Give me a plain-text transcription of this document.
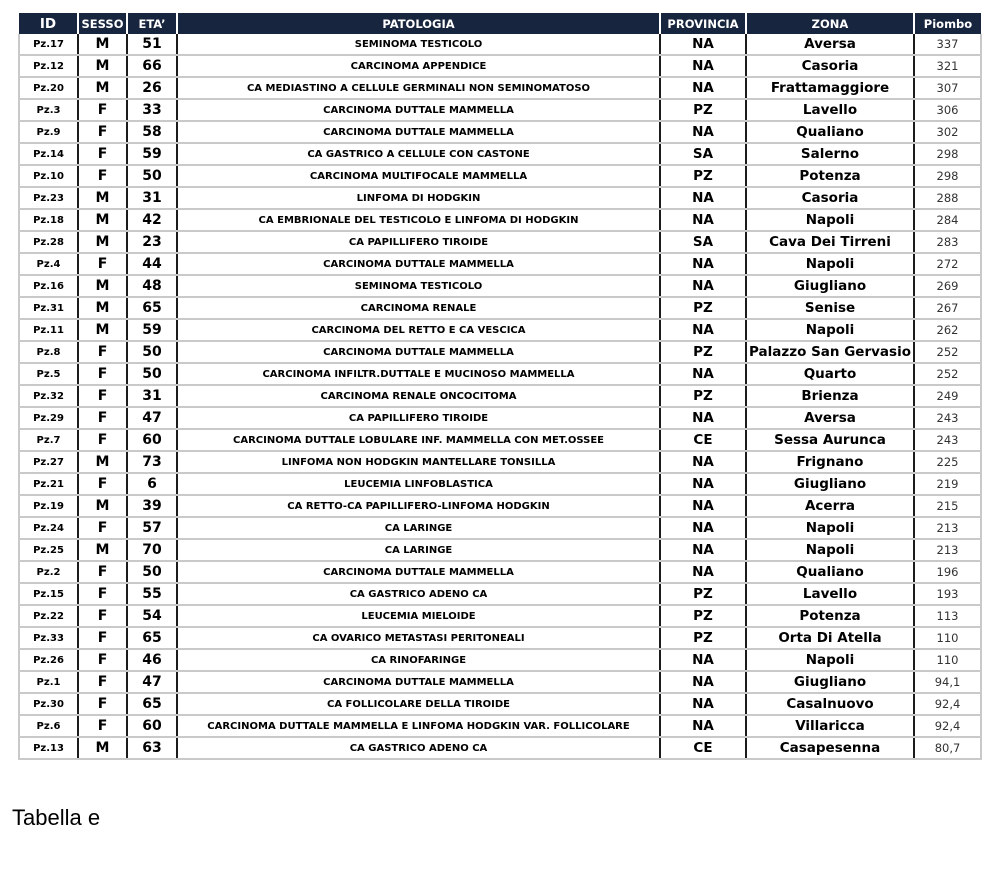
ID	SESSO	ETA’	PATOLOGIA	PROVINCIA	ZONA	Piombo
Pz.17	M	51	SEMINOMA TESTICOLO	NA	Aversa	337
Pz.12	M	66	CARCINOMA APPENDICE	NA	Casoria	321
Pz.20	M	26	CA MEDIASTINO A CELLULE GERMINALI NON SEMINOMATOSO	NA	Frattamaggiore	307
Pz.3	F	33	CARCINOMA DUTTALE MAMMELLA	PZ	Lavello	306
Pz.9	F	58	CARCINOMA DUTTALE MAMMELLA	NA	Qualiano	302
Pz.14	F	59	CA GASTRICO A CELLULE CON CASTONE	SA	Salerno	298
Pz.10	F	50	CARCINOMA MULTIFOCALE MAMMELLA	PZ	Potenza	298
Pz.23	M	31	LINFOMA DI HODGKIN	NA	Casoria	288
Pz.18	M	42	CA EMBRIONALE DEL TESTICOLO E LINFOMA DI HODGKIN	NA	Napoli	284
Pz.28	M	23	CA PAPILLIFERO TIROIDE	SA	Cava Dei Tirreni	283
Pz.4	F	44	CARCINOMA DUTTALE MAMMELLA	NA	Napoli	272
Pz.16	M	48	SEMINOMA TESTICOLO	NA	Giugliano	269
Pz.31	M	65	CARCINOMA RENALE	PZ	Senise	267
Pz.11	M	59	CARCINOMA DEL RETTO E CA VESCICA	NA	Napoli	262
Pz.8	F	50	CARCINOMA DUTTALE MAMMELLA	PZ	Palazzo San Gervasio	252
Pz.5	F	50	CARCINOMA INFILTR.DUTTALE E MUCINOSO MAMMELLA	NA	Quarto	252
Pz.32	F	31	CARCINOMA RENALE ONCOCITOMA	PZ	Brienza	249
Pz.29	F	47	CA PAPILLIFERO TIROIDE	NA	Aversa	243
Pz.7	F	60	CARCINOMA DUTTALE LOBULARE INF. MAMMELLA CON MET.OSSEE	CE	Sessa Aurunca	243
Pz.27	M	73	LINFOMA NON HODGKIN MANTELLARE TONSILLA	NA	Frignano	225
Pz.21	F	6	LEUCEMIA LINFOBLASTICA	NA	Giugliano	219
Pz.19	M	39	CA RETTO-CA PAPILLIFERO-LINFOMA HODGKIN	NA	Acerra	215
Pz.24	F	57	CA LARINGE	NA	Napoli	213
Pz.25	M	70	CA LARINGE	NA	Napoli	213
Pz.2	F	50	CARCINOMA DUTTALE MAMMELLA	NA	Qualiano	196
Pz.15	F	55	CA GASTRICO ADENO CA	PZ	Lavello	193
Pz.22	F	54	LEUCEMIA MIELOIDE	PZ	Potenza	113
Pz.33	F	65	CA OVARICO METASTASI PERITONEALI	PZ	Orta Di Atella	110
Pz.26	F	46	CA RINOFARINGE	NA	Napoli	110
Pz.1	F	47	CARCINOMA DUTTALE MAMMELLA	NA	Giugliano	94,1
Pz.30	F	65	CA FOLLICOLARE DELLA TIROIDE	NA	Casalnuovo	92,4
Pz.6	F	60	CARCINOMA DUTTALE MAMMELLA E LINFOMA HODGKIN VAR. FOLLICOLARE	NA	Villaricca	92,4
Pz.13	M	63	CA GASTRICO ADENO CA	CE	Casapesenna	80,7
Tabella e
